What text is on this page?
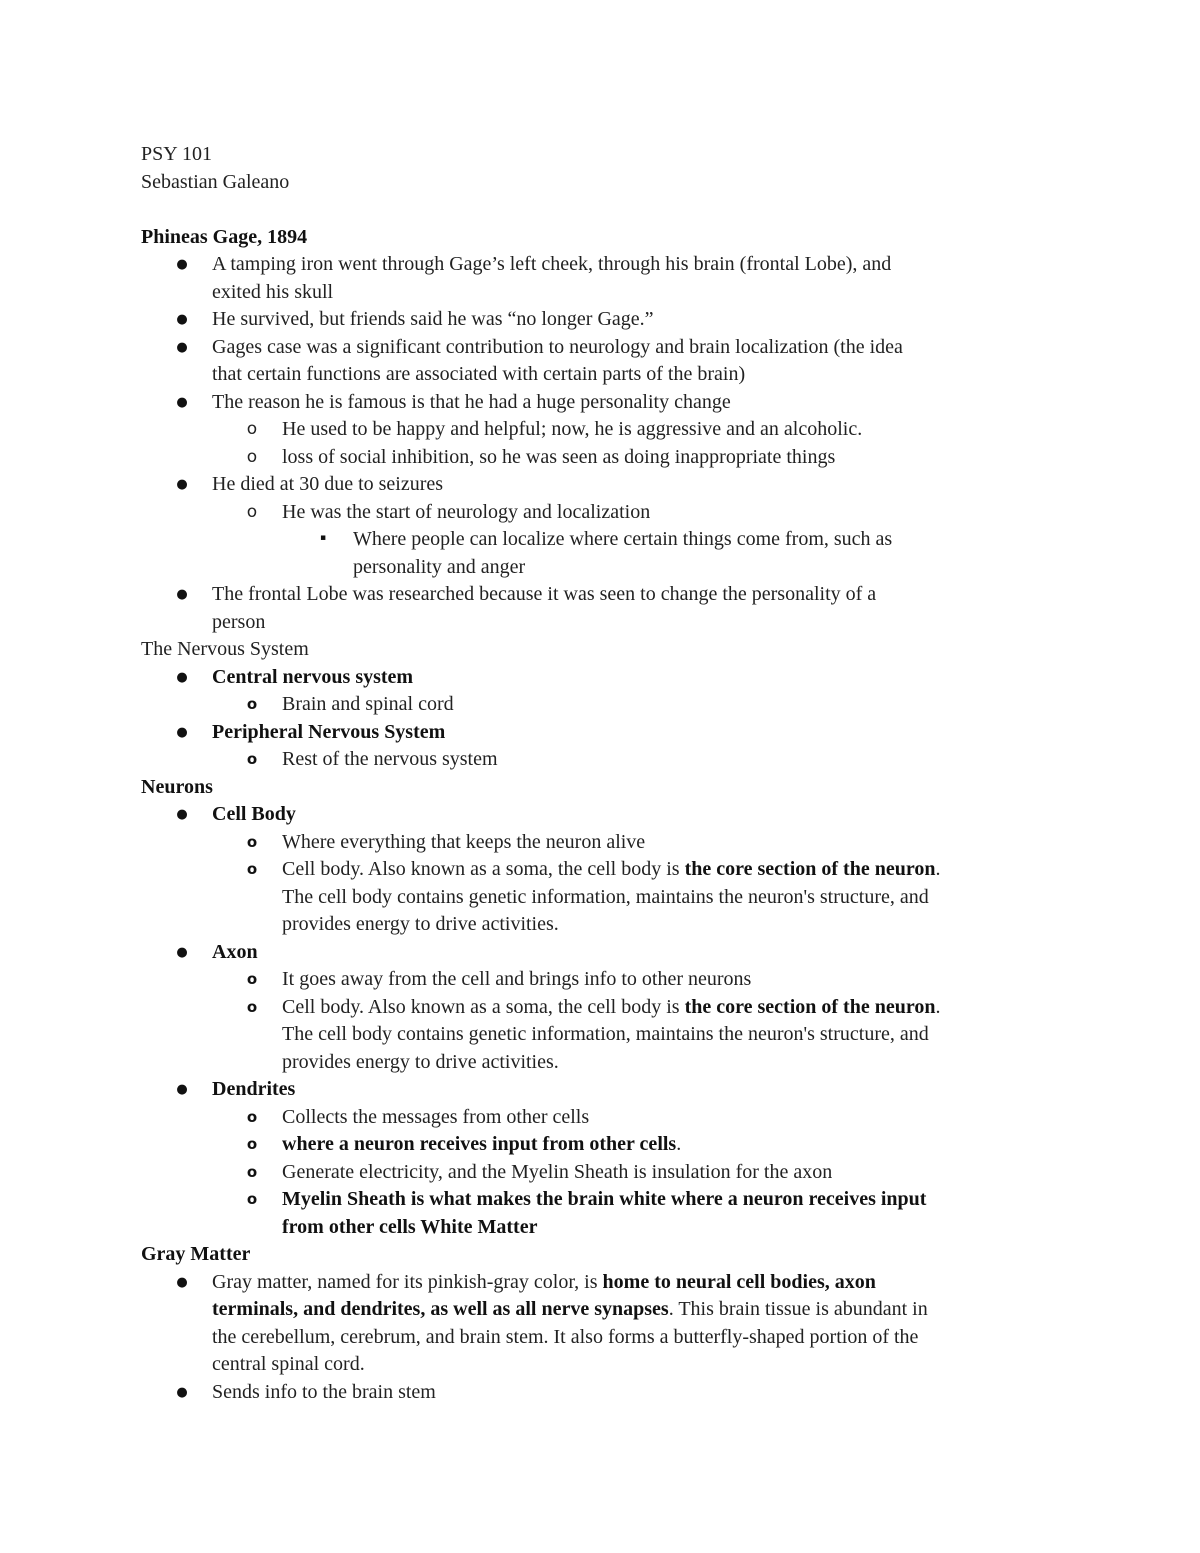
PSY 101
Sebastian Galeano
Phineas Gage, 1894
● A tamping iron went through Gage’s left cheek, through his brain (frontal Lobe), and
exited his skull
● He survived, but friends said he was “no longer Gage.”
● Gages case was a significant contribution to neurology and brain localization (the idea
that certain functions are associated with certain parts of the brain)
● The reason he is famous is that he had a huge personality change
o He used to be happy and helpful; now, he is aggressive and an alcoholic.
o loss of social inhibition, so he was seen as doing inappropriate things
● He died at 30 due to seizures
o He was the start of neurology and localization
▪ Where people can localize where certain things come from, such as
personality and anger
● The frontal Lobe was researched because it was seen to change the personality of a
person
The Nervous System
● Central nervous system
o Brain and spinal cord
● Peripheral Nervous System
o Rest of the nervous system
Neurons
● Cell Body
o Where everything that keeps the neuron alive
o Cell body. Also known as a soma, the cell body is the core section of the neuron.
The cell body contains genetic information, maintains the neuron's structure, and
provides energy to drive activities.
● Axon
o It goes away from the cell and brings info to other neurons
o Cell body. Also known as a soma, the cell body is the core section of the neuron.
The cell body contains genetic information, maintains the neuron's structure, and
provides energy to drive activities.
● Dendrites
o Collects the messages from other cells
o where a neuron receives input from other cells.
o Generate electricity, and the Myelin Sheath is insulation for the axon
o Myelin Sheath is what makes the brain white where a neuron receives input
from other cells White Matter
Gray Matter
● Gray matter, named for its pinkish-gray color, is home to neural cell bodies, axon
terminals, and dendrites, as well as all nerve synapses. This brain tissue is abundant in
the cerebellum, cerebrum, and brain stem. It also forms a butterfly-shaped portion of the
central spinal cord.
● Sends info to the brain stem
